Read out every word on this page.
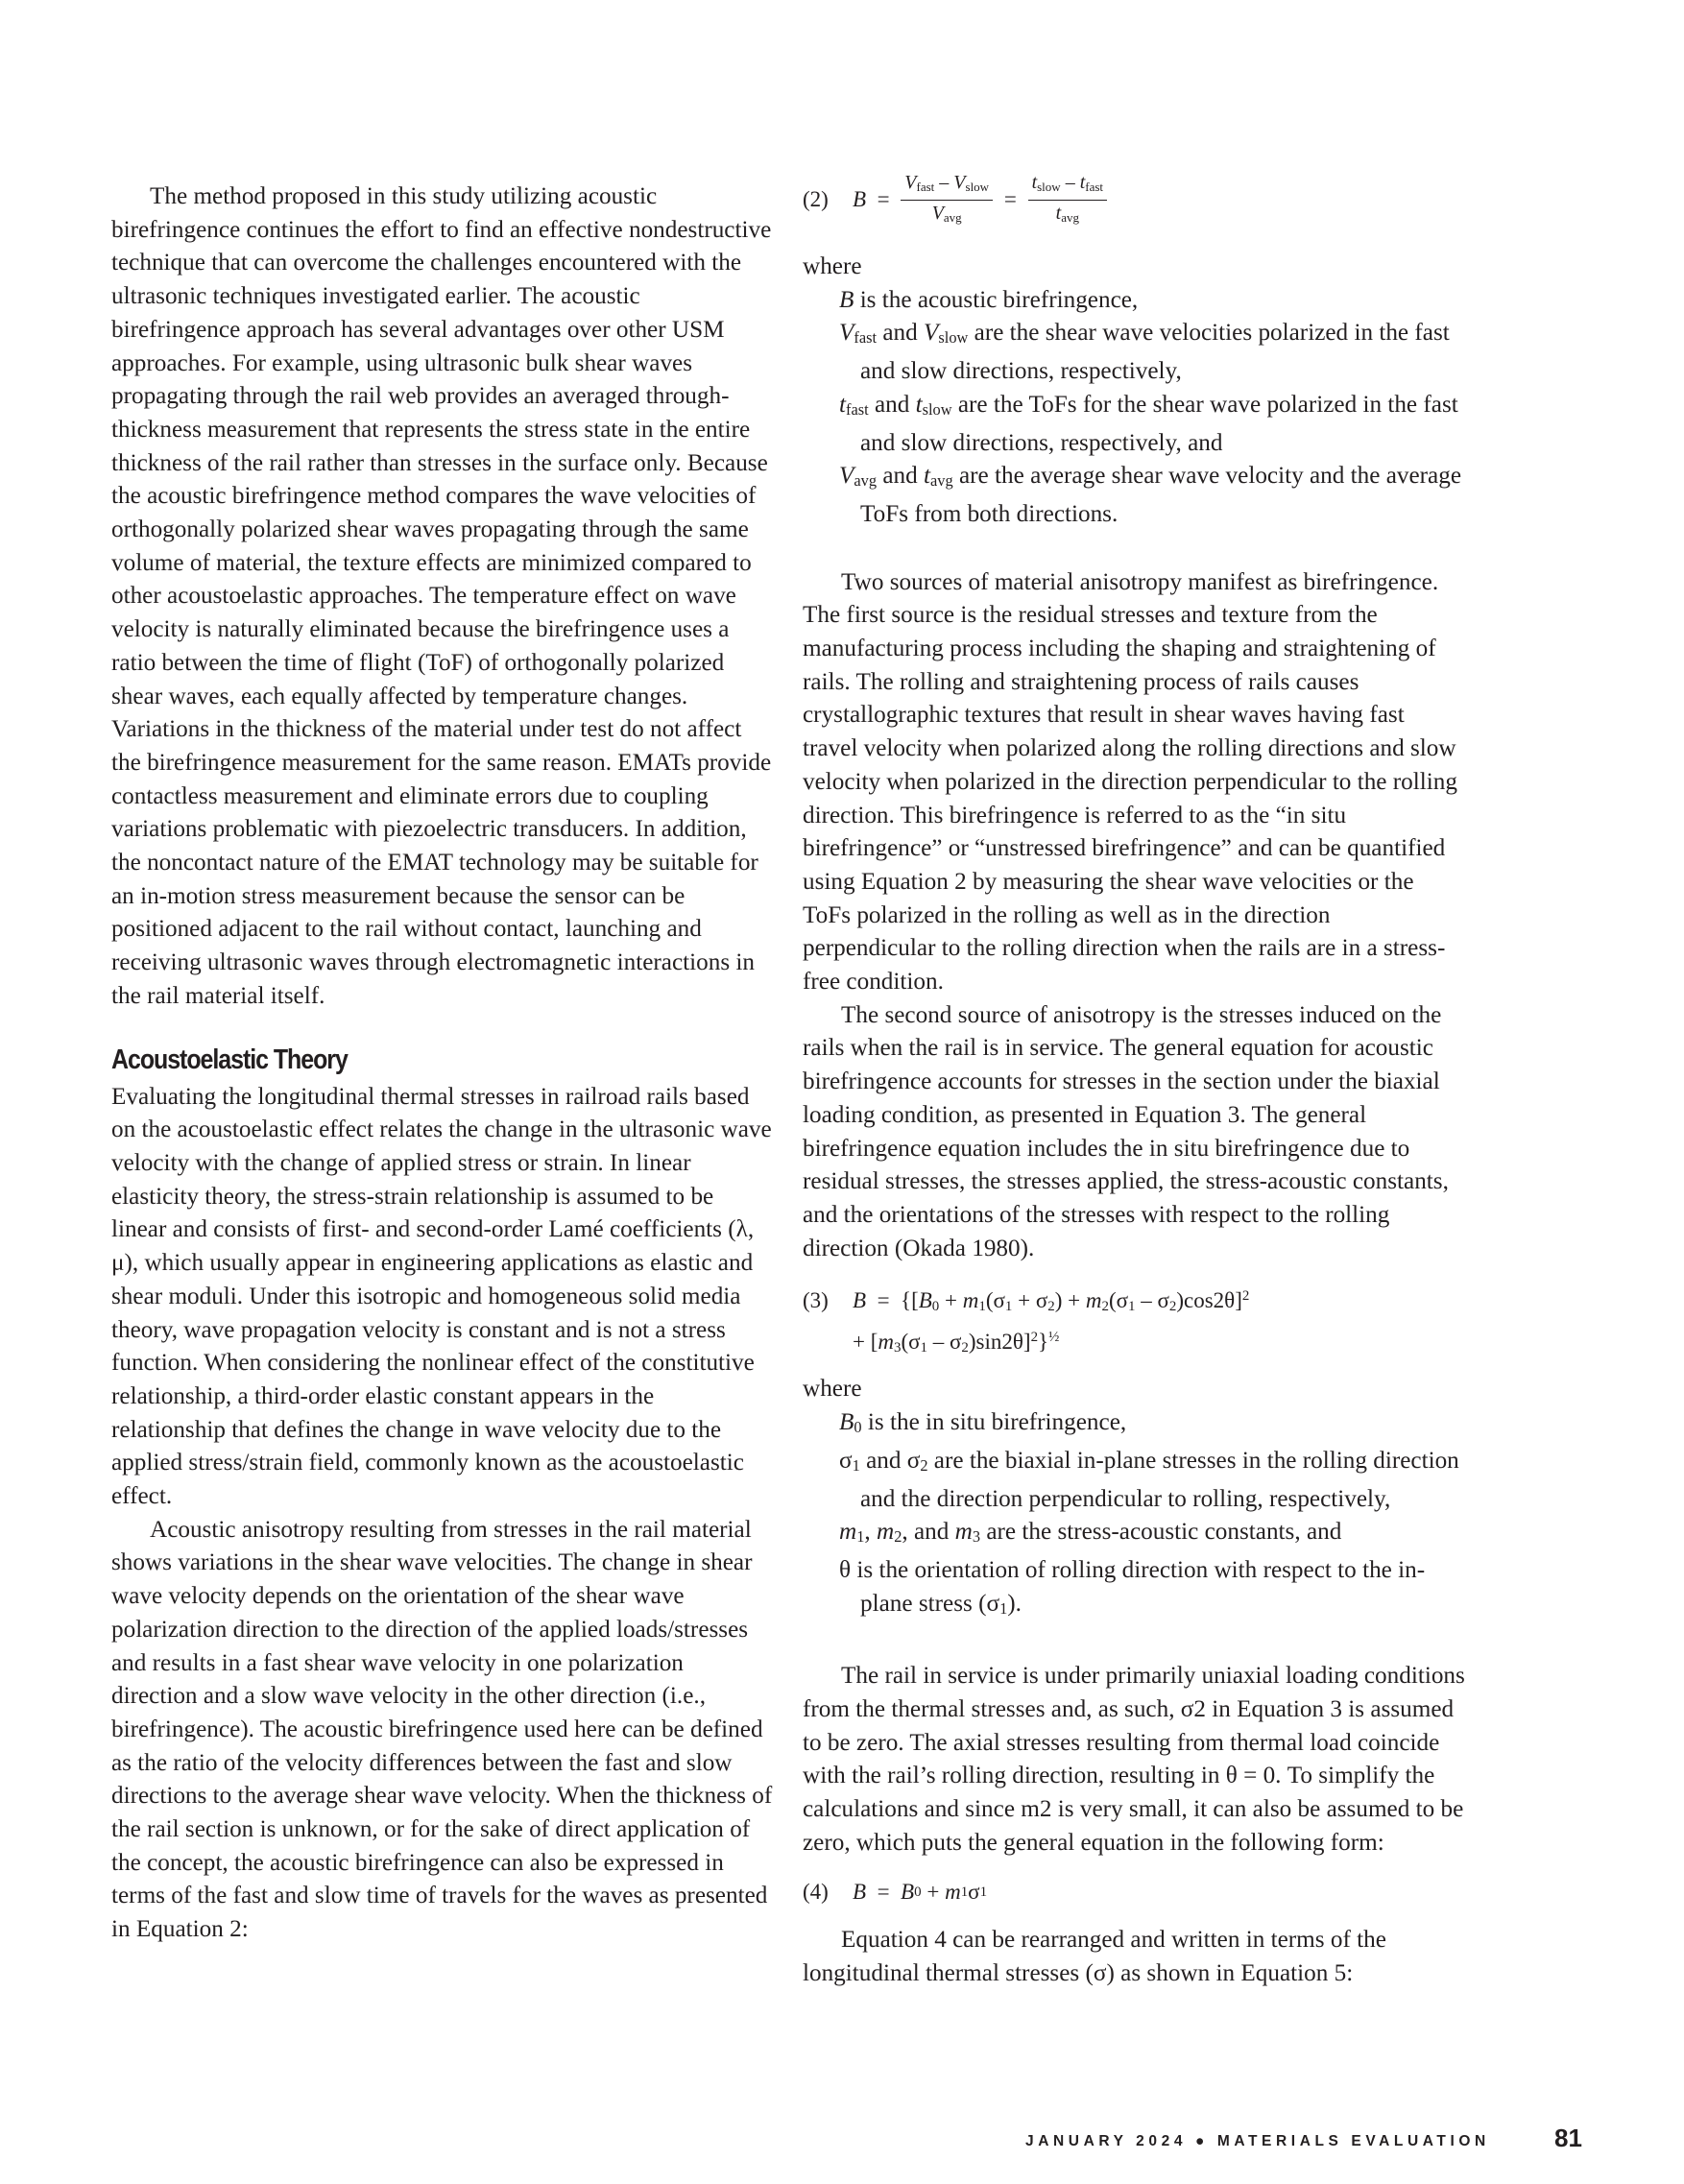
The method proposed in this study utilizing acoustic birefringence continues the effort to find an effective nondestructive technique that can overcome the challenges encountered with the ultrasonic techniques investigated earlier. The acoustic birefringence approach has several advantages over other USM approaches. For example, using ultrasonic bulk shear waves propagating through the rail web provides an averaged through-thickness measurement that represents the stress state in the entire thickness of the rail rather than stresses in the surface only. Because the acoustic birefringence method compares the wave velocities of orthogonally polarized shear waves propagating through the same volume of material, the texture effects are minimized compared to other acoustoelastic approaches. The temperature effect on wave velocity is naturally eliminated because the birefringence uses a ratio between the time of flight (ToF) of orthogonally polarized shear waves, each equally affected by temperature changes. Variations in the thickness of the material under test do not affect the birefringence measurement for the same reason. EMATs provide contactless measurement and eliminate errors due to coupling variations problematic with piezoelectric transducers. In addition, the noncontact nature of the EMAT technology may be suitable for an in-motion stress measurement because the sensor can be positioned adjacent to the rail without contact, launching and receiving ultrasonic waves through electromagnetic interactions in the rail material itself.

Acoustoelastic Theory

Evaluating the longitudinal thermal stresses in railroad rails based on the acoustoelastic effect relates the change in the ultrasonic wave velocity with the change of applied stress or strain. In linear elasticity theory, the stress-strain relationship is assumed to be linear and consists of first- and second-order Lamé coefficients (λ, μ), which usually appear in engineering applications as elastic and shear moduli. Under this isotropic and homogeneous solid media theory, wave propagation velocity is constant and is not a stress function. When considering the nonlinear effect of the constitutive relationship, a third-order elastic constant appears in the relationship that defines the change in wave velocity due to the applied stress/strain field, commonly known as the acoustoelastic effect.

Acoustic anisotropy resulting from stresses in the rail material shows variations in the shear wave velocities. The change in shear wave velocity depends on the orientation of the shear wave polarization direction to the direction of the applied loads/stresses and results in a fast shear wave velocity in one polarization direction and a slow wave velocity in the other direction (i.e., birefringence). The acoustic birefringence used here can be defined as the ratio of the velocity differences between the fast and slow directions to the average shear wave velocity. When the thickness of the rail section is unknown, or for the sake of direct application of the concept, the acoustic birefringence can also be expressed in terms of the fast and slow time of travels for the waves as presented in Equation 2:

(2)	$B = \frac{V_{fast} - V_{slow}}{V_{avg}} = \frac{t_{slow} - t_{fast}}{t_{avg}}$

where

B is the acoustic birefringence,
$V_{fast}$ and $V_{slow}$ are the shear wave velocities polarized in the fast and slow directions, respectively,
$t_{fast}$ and $t_{slow}$ are the ToFs for the shear wave polarized in the fast and slow directions, respectively, and
$V_{avg}$ and $t_{avg}$ are the average shear wave velocity and the average ToFs from both directions.

Two sources of material anisotropy manifest as birefringence. The first source is the residual stresses and texture from the manufacturing process including the shaping and straightening of rails. The rolling and straightening process of rails causes crystallographic textures that result in shear waves having fast travel velocity when polarized along the rolling directions and slow velocity when polarized in the direction perpendicular to the rolling direction. This birefringence is referred to as the “in situ birefringence” or “unstressed birefringence” and can be quantified using Equation 2 by measuring the shear wave velocities or the ToFs polarized in the rolling as well as in the direction perpendicular to the rolling direction when the rails are in a stress-free condition.

The second source of anisotropy is the stresses induced on the rails when the rail is in service. The general equation for acoustic birefringence accounts for stresses in the section under the biaxial loading condition, as presented in Equation 3. The general birefringence equation includes the in situ birefringence due to residual stresses, the stresses applied, the stress-acoustic constants, and the orientations of the stresses with respect to the rolling direction (Okada 1980).

(3) $B = \{[B_0 + m_1(\sigma_1 + \sigma_2) + m_2(\sigma_1 - \sigma_2)\cos 2\theta]^2$
+ $[m_3(\sigma_1 - \sigma_2)\sin 2\theta]^2\}^{\frac{1}{2}}$

where

$B_0$ is the in situ birefringence,
$\sigma_1$ and $\sigma_2$ are the biaxial in-plane stresses in the rolling direction and the direction perpendicular to rolling, respectively,
$m_1$, $m_2$, and $m_3$ are the stress-acoustic constants, and
θ is the orientation of rolling direction with respect to the in-plane stress $(\sigma_1)$.

The rail in service is under primarily uniaxial loading conditions from the thermal stresses and, as such, σ2 in Equation 3 is assumed to be zero. The axial stresses resulting from thermal load coincide with the rail’s rolling direction, resulting in θ = 0. To simplify the calculations and since m2 is very small, it can also be assumed to be zero, which puts the general equation in the following form:

(4)	B = B 0 + m 1 σ 1

Equation 4 can be rearranged and written in terms of the longitudinal thermal stresses (σ) as shown in Equation 5:

JANUARY 2024 ● MATERIALS EVALUATION	81
